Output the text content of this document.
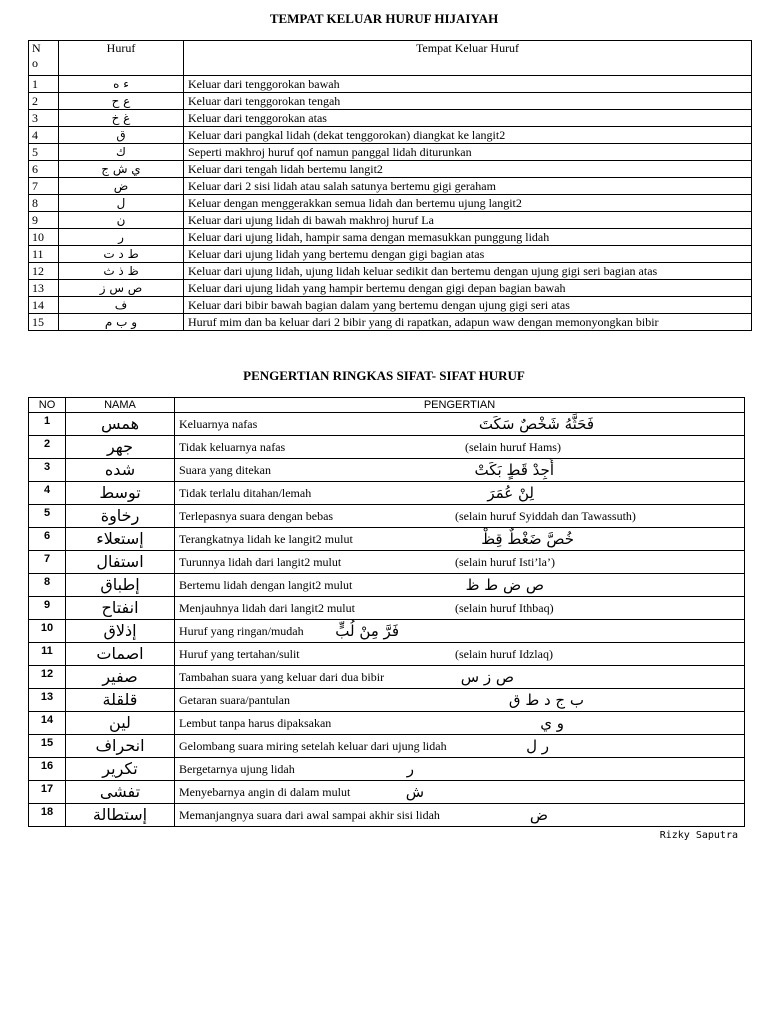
TEMPAT KELUAR HURUF HIJAIYAH
No	Huruf	Tempat Keluar Huruf
1	ء ه	Keluar dari tenggorokan bawah
2	ع ح	Keluar dari tenggorokan tengah
3	غ خ	Keluar dari tenggorokan atas
4	ق	Keluar dari pangkal lidah (dekat tenggorokan) diangkat ke langit2
5	ك	Seperti makhroj huruf qof namun panggal lidah diturunkan
6	ي ش ج	Keluar dari tengah lidah bertemu langit2
7	ض	Keluar dari 2 sisi lidah atau salah satunya bertemu gigi geraham
8	ل	Keluar dengan menggerakkan semua lidah dan bertemu ujung langit2
9	ن	Keluar dari ujung lidah di bawah makhroj huruf La
10	ر	Keluar dari ujung lidah, hampir sama dengan memasukkan punggung lidah
11	ط د ت	Keluar dari ujung lidah yang bertemu dengan gigi bagian atas
12	ظ ذ ث	Keluar dari ujung lidah, ujung lidah keluar sedikit dan bertemu dengan ujung gigi seri bagian atas
13	ص س ز	Keluar dari ujung lidah yang hampir bertemu dengan gigi depan bagian bawah
14	ف	Keluar dari bibir bawah bagian dalam yang bertemu dengan ujung gigi seri atas
15	و ب م	Huruf mim dan ba keluar dari 2 bibir yang di rapatkan, adapun waw dengan memonyongkan bibir
PENGERTIAN RINGKAS SIFAT- SIFAT HURUF
NO	NAMA	PENGERTIAN
1	همس	Keluarnya nafas فَحَثَّهُ شَخْصٌ سَكَتَ

2	جهر	Tidak keluarnya nafas (selain huruf Hams)

3	شده	Suara yang ditekan أَجِدْ قَطٍ بَكَتْ

4	توسط	Tidak terlalu ditahan/lemah لِنْ عُمَرَ

5	رخاوة	Terlepasnya suara dengan bebas (selain huruf Syiddah dan Tawassuth)

6	إستعلاء	Terangkatnya lidah ke langit2 mulut خُصَّ ضَغْطٌ قِظْ

7	استفال	Turunnya lidah dari langit2 mulut (selain huruf Isti’la’)

8	إطباق	Bertemu lidah dengan langit2 mulut ص ض ط ظ

9	انفتاح	Menjauhnya lidah dari langit2 mulut (selain huruf Ithbaq)

10	إذلاق	Huruf yang ringan/mudah فَرَّ مِنْ لُبٍّ

11	اصمات	Huruf yang tertahan/sulit (selain huruf Idzlaq)

12	صفير	Tambahan suara yang keluar dari dua bibir ص ز س

13	قلقلة	Getaran suara/pantulan ب ج د ط ق

14	لين	Lembut tanpa harus dipaksakan و ي

15	انحراف	Gelombang suara miring setelah keluar dari ujung lidah ر ل

16	تكرير	Bergetarnya ujung lidah ر

17	تفشى	Menyebarnya angin di dalam mulut ش

18	إستطالة	Memanjangnya suara dari awal sampai akhir sisi lidah ض
Rizky Saputra
